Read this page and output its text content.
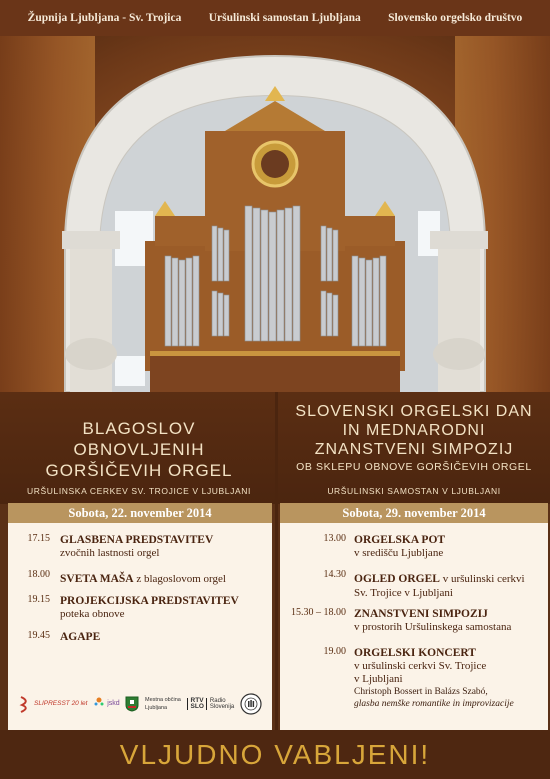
Župnija Ljubljana - Sv. Trojica Uršulinski samostan Ljubljana Slovensko orgelsko društvo
BLAGOSLOV
OBNOVLJENIH
GORŠIČEVIH ORGEL
SLOVENSKI ORGELSKI DAN
IN MEDNARODNI
ZNANSTVENI SIMPOZIJ
OB SKLEPU OBNOVE GORŠIČEVIH ORGEL
URŠULINSKA CERKEV SV. TROJICE V LJUBLJANI	URŠULINSKI SAMOSTAN V LJUBLJANI
Sobota, 22. november 2014	Sobota, 29. november 2014
17.15 GLASBENA PREDSTAVITEV
zvočnih lastnosti orgel
18.00 SVETA MAŠA z blagoslovom orgel
19.15 PROJEKCIJSKA PREDSTAVITEV
poteka obnove
19.45 AGAPE
SLIPRESST 20 let	jskd	Mestna občina
Ljubljana
RTV
SLO
Radio
Slovenija
13.00 ORGELSKA POT
v središču Ljubljane
14.30 OGLED ORGEL v uršulinski cerkvi
Sv. Trojice v Ljubljani
15.30 – 18.00 ZNANSTVENI SIMPOZIJ
v prostorih Uršulinskega samostana
19.00 ORGELSKI KONCERT
v uršulinski cerkvi Sv. Trojice
v Ljubljani
Christoph Bossert in Balázs Szabó,
glasba nemške romantike in improvizacije
VLJUDNO VABLJENI!
